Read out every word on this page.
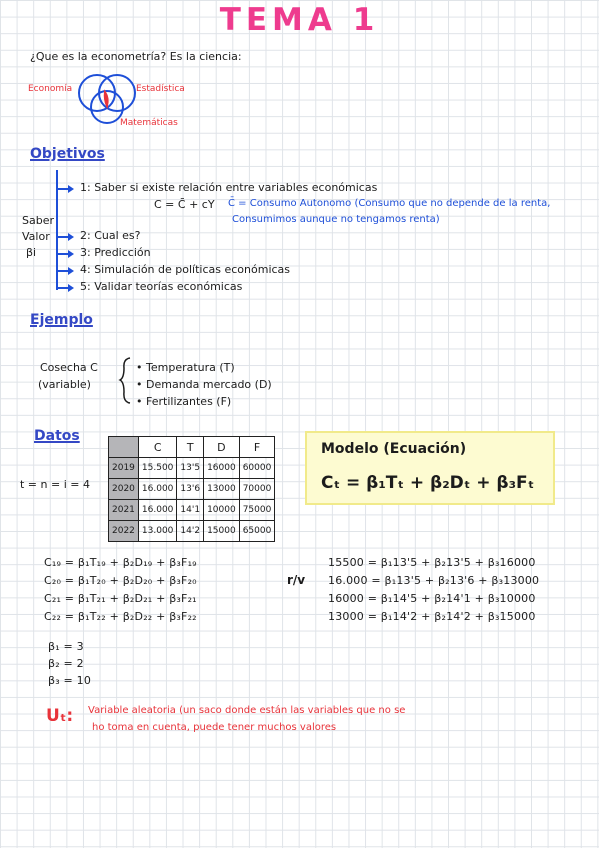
TEMA 1
¿Que es la econometría? Es la ciencia:
Economía	Estadística
Matemáticas
Objetivos
1: Saber si existe relación entre variables económicas
C = C̄ + cY C̄ = Consumo Autonomo (Consumo que no depende de la renta,
Consumimos aunque no tengamos renta)
2: Cual es?
3: Predicción
4: Simulación de políticas económicas
5: Validar teorías económicas
Saber
Valor
βi
Ejemplo
Cosecha C
(variable)
• Temperatura (T)
• Demanda mercado (D)
• Fertilizantes (F)
Datos
t = n = i = 4
	C	T	D	F
2019	15.500	13'5	16000	60000
2020	16.000	13'6	13000	70000
2021	16.000	14'1	10000	75000
2022	13.000	14'2	15000	65000
Modelo (Ecuación)
Cₜ = β₁Tₜ + β₂Dₜ + β₃Fₜ
C₁₉ = β₁T₁₉ + β₂D₁₉ + β₃F₁₉
C₂₀ = β₁T₂₀ + β₂D₂₀ + β₃F₂₀
C₂₁ = β₁T₂₁ + β₂D₂₁ + β₃F₂₁
C₂₂ = β₁T₂₂ + β₂D₂₂ + β₃F₂₂
r/v
15500 = β₁13'5 + β₂13'5 + β₃16000
16.000 = β₁13'5 + β₂13'6 + β₃13000
16000 = β₁14'5 + β₂14'1 + β₃10000
13000 = β₁14'2 + β₂14'2 + β₃15000
β₁ = 3
β₂ = 2
β₃ = 10
Uₜ: Variable aleatoria (un saco donde están las variables que no se
ho toma en cuenta, puede tener muchos valores
